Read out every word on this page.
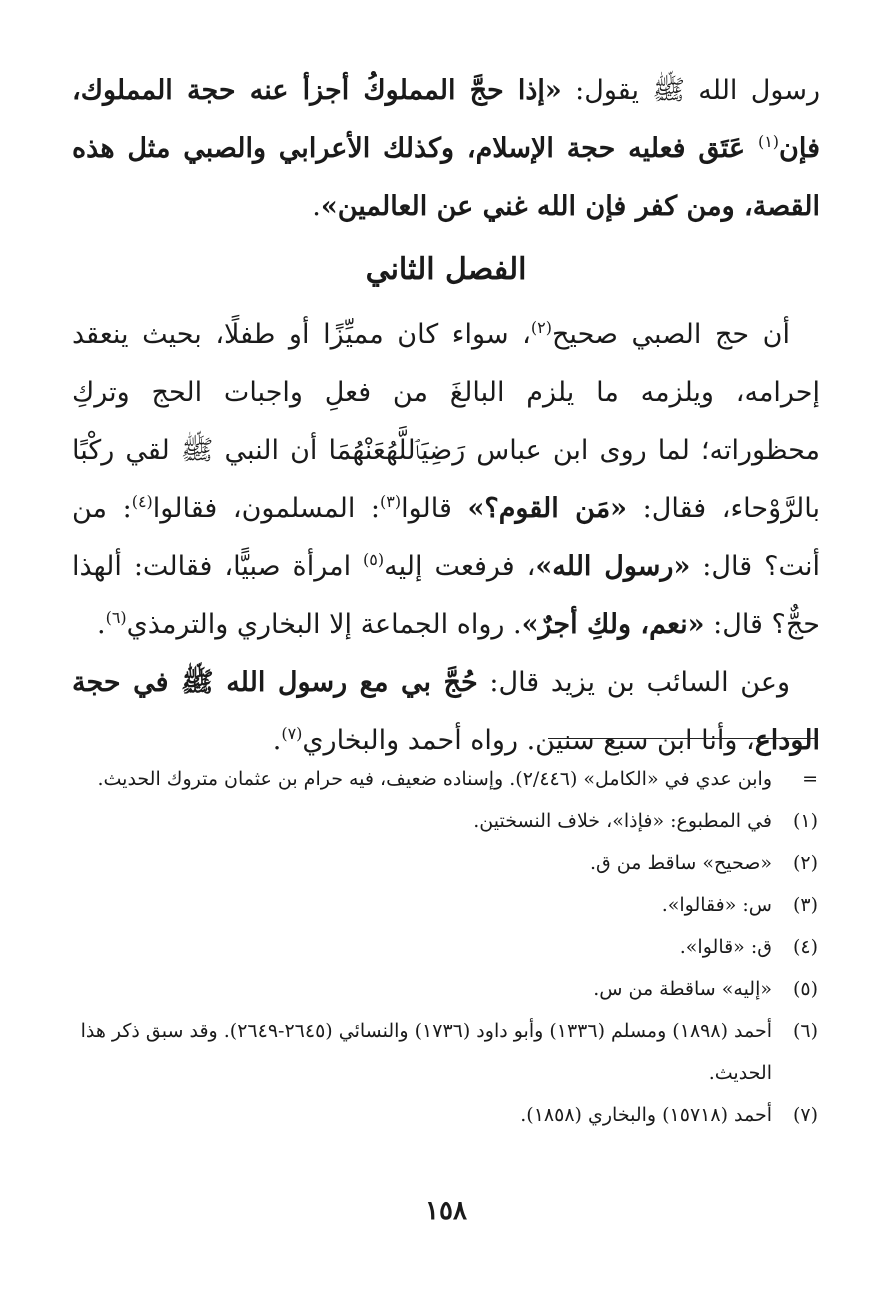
رسول الله ﷺ يقول: «إذا حجَّ المملوكُ أجزأ عنه حجة المملوك، فإن$^{(١)}$ عَتَق فعليه حجة الإسلام، وكذلك الأعرابي والصبي مثل هذه القصة، ومن كفر فإن الله غني عن العالمين».

الفصل الثاني

أن حج الصبي صحيح$^{(٢)}$، سواء كان مميِّزًا أو طفلًا، بحيث ينعقد إحرامه، ويلزمه ما يلزم البالغَ من فعلِ واجبات الحج وتركِ محظوراته؛ لما روى ابن عباس رَضِيَٱللَّهُعَنْهُمَا أن النبي ﷺ لقي ركْبًا بالرَّوْحاء، فقال: «مَن القوم؟» قالوا$^{(٣)}$: المسلمون، فقالوا$^{(٤)}$: من أنت؟ قال: «رسول الله»، فرفعت إليه$^{(٥)}$ امرأة صبيًّا، فقالت: ألهذا حجٌّ؟ قال: «نعم، ولكِ أجرٌ». رواه الجماعة إلا البخاري والترمذي$^{(٦)}$.

وعن السائب بن يزيد قال: حُجَّ بي مع رسول الله ﷺ في حجة الوداع، وأنا ابن سبع سنين. رواه أحمد والبخاري$^{(٧)}$.

=
وابن عدي في «الكامل» (٢/٤٤٦). وإسناده ضعيف، فيه حرام بن عثمان متروك الحديث.
(١)
في المطبوع: «فإذا»، خلاف النسختين.
(٢)
«صحيح» ساقط من ق.
(٣)
س: «فقالوا».
(٤)
ق: «قالوا».
(٥)
«إليه» ساقطة من س.
(٦)
أحمد (١٨٩٨) ومسلم (١٣٣٦) وأبو داود (١٧٣٦) والنسائي (٢٦٤٥-٢٦٤٩). وقد سبق ذكر هذا الحديث.
(٧)
أحمد (١٥٧١٨) والبخاري (١٨٥٨).
١٥٨
